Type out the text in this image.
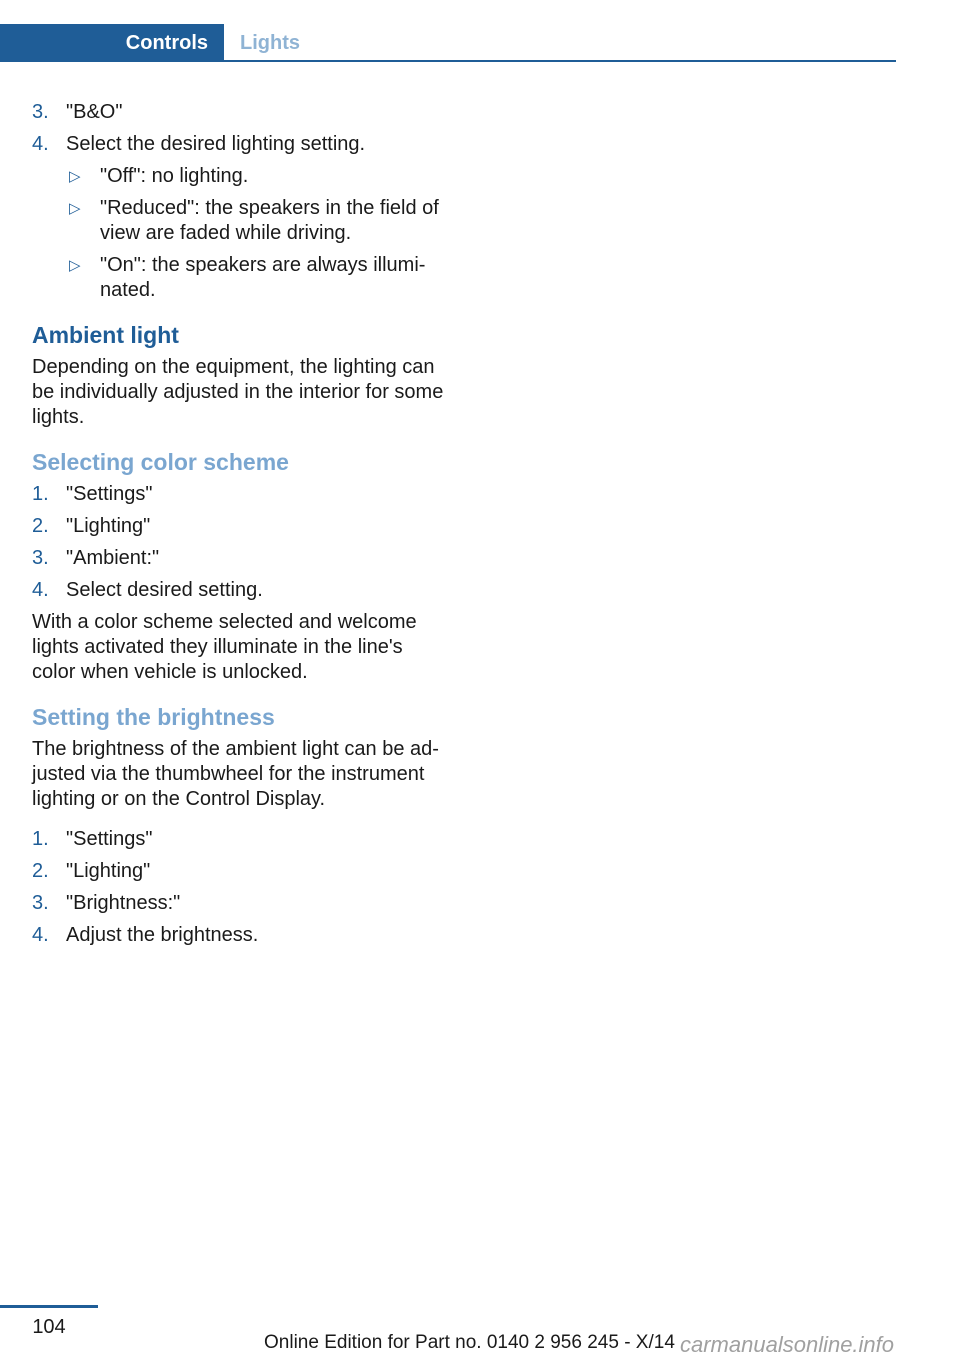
Controls	Lights
3. "B&O"
4. Select the desired lighting setting.
▷ "Off": no lighting.
▷ "Reduced": the speakers in the field of view are faded while driving.
▷ "On": the speakers are always illumi-nated.
Ambient light
Depending on the equipment, the lighting can be individually adjusted in the interior for some lights.
Selecting color scheme
1. "Settings"
2. "Lighting"
3. "Ambient:"
4. Select desired setting.
With a color scheme selected and welcome lights activated they illuminate in the line's color when vehicle is unlocked.
Setting the brightness
The brightness of the ambient light can be ad-justed via the thumbwheel for the instrument lighting or on the Control Display.
1. "Settings"
2. "Lighting"
3. "Brightness:"
4. Adjust the brightness.
104
Online Edition for Part no. 0140 2 956 245 - X/14 carmanualsonline.info
